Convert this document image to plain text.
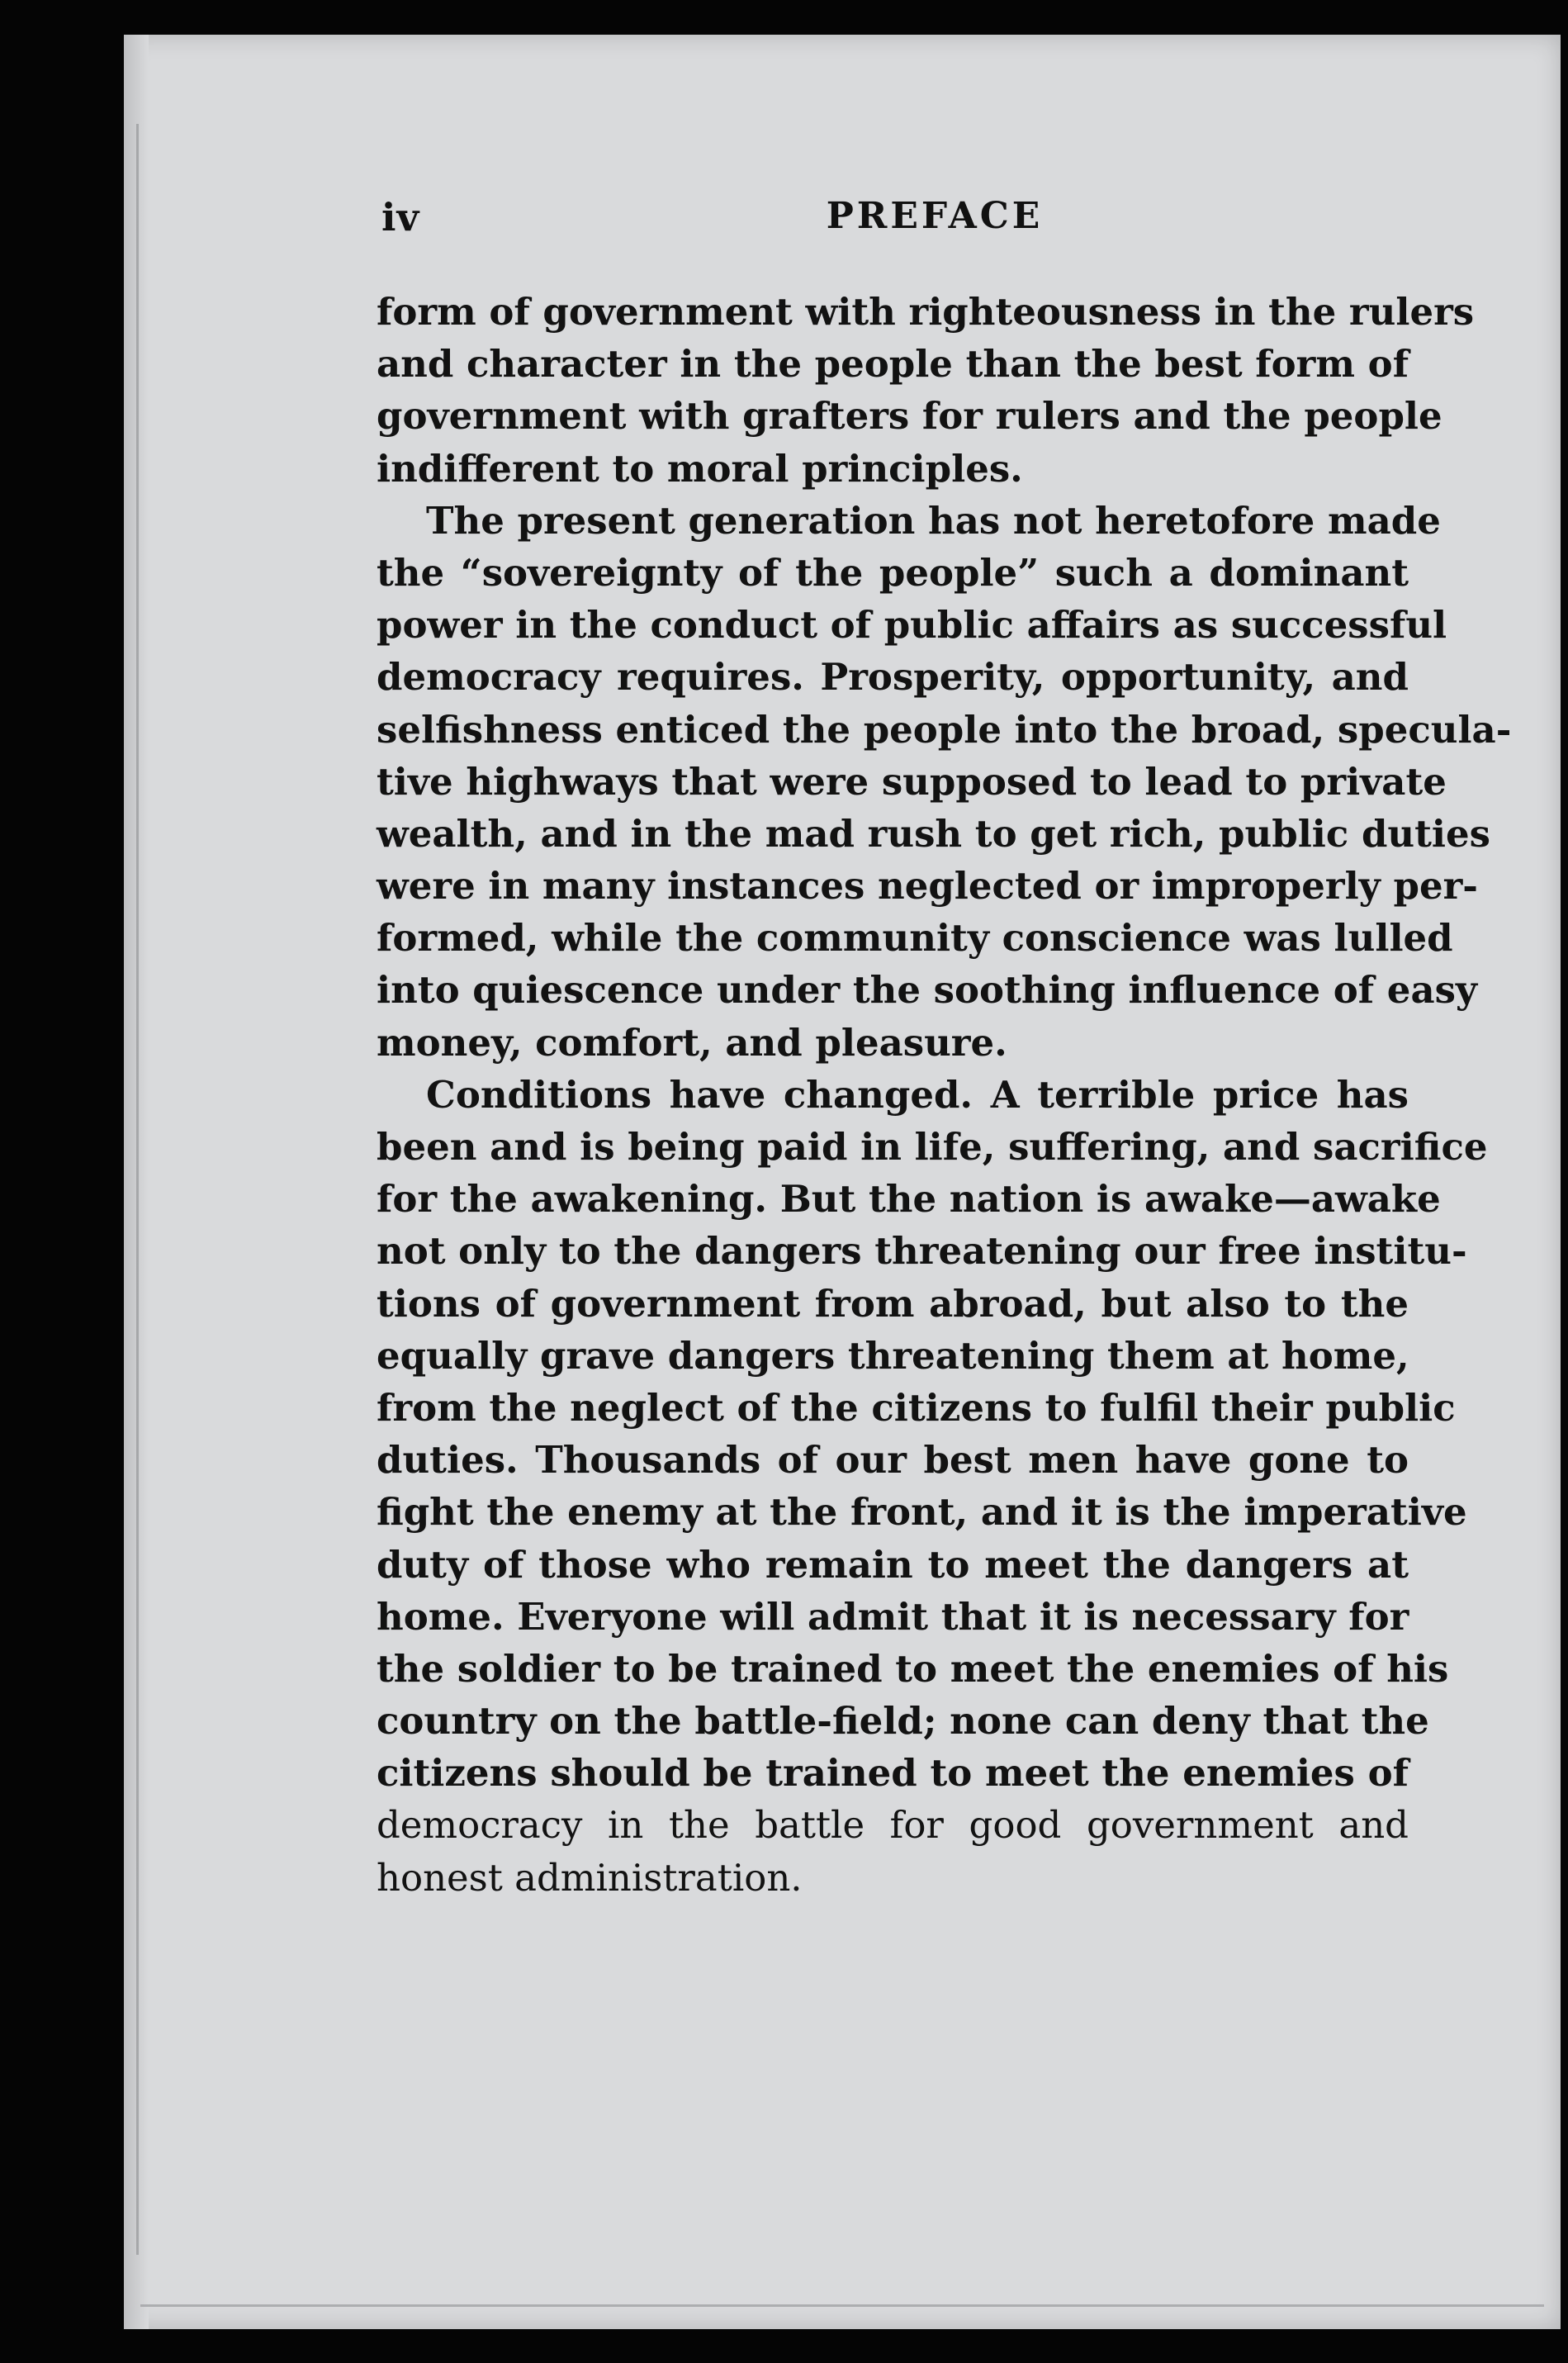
iv	PREFACE
form of government with righteousness in the rulers
and character in the people than the best form of
government with grafters for rulers and the people
indifferent to moral principles.
The present generation has not heretofore made
the “sovereignty of the people” such a dominant
power in the conduct of public affairs as successful
democracy requires. Prosperity, opportunity, and
selfishness enticed the people into the broad, specula-
tive highways that were supposed to lead to private
wealth, and in the mad rush to get rich, public duties
were in many instances neglected or improperly per-
formed, while the community conscience was lulled
into quiescence under the soothing influence of easy
money, comfort, and pleasure.
Conditions have changed. A terrible price has
been and is being paid in life, suffering, and sacrifice
for the awakening. But the nation is awake—awake
not only to the dangers threatening our free institu-
tions of government from abroad, but also to the
equally grave dangers threatening them at home,
from the neglect of the citizens to fulfil their public
duties. Thousands of our best men have gone to
fight the enemy at the front, and it is the imperative
duty of those who remain to meet the dangers at
home. Everyone will admit that it is necessary for
the soldier to be trained to meet the enemies of his
country on the battle-field; none can deny that the
citizens should be trained to meet the enemies of
democracy in the battle for good government and
honest administration.
